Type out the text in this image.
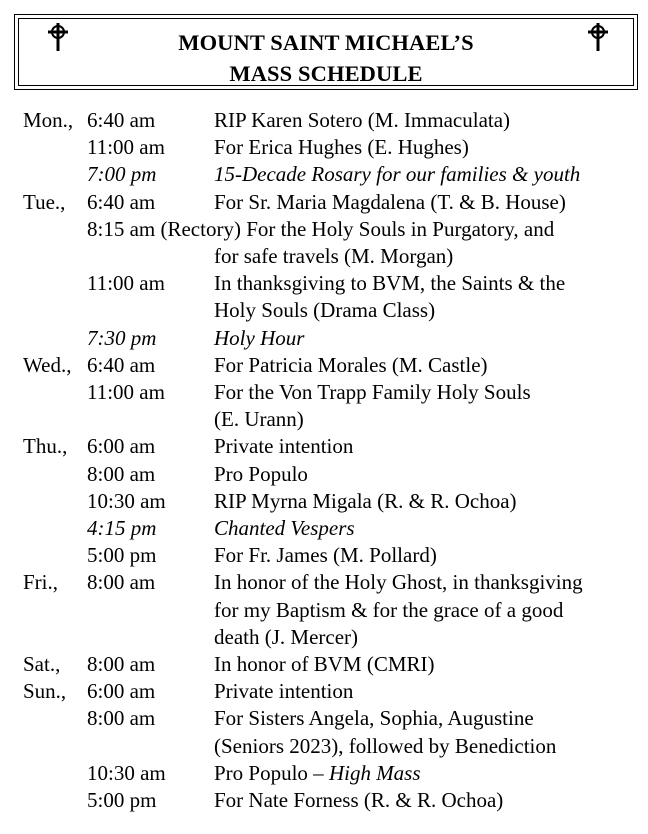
MOUNT SAINT MICHAEL’S
MASS SCHEDULE
Mon., 6:40 am	RIP Karen Sotero (M. Immaculata)
11:00 am For Erica Hughes (E. Hughes)
7:00 pm	15-Decade Rosary for our families & youth
Tue., 6:40 am	For Sr. Maria Magdalena (T. & B. House)
8:15 am (Rectory) For the Holy Souls in Purgatory, and
for safe travels (M. Morgan)
11:00 am In thanksgiving to BVM, the Saints & the
Holy Souls (Drama Class)
7:30 pm	Holy Hour
Wed., 6:40 am	For Patricia Morales (M. Castle)
11:00 am For the Von Trapp Family Holy Souls
(E. Urann)
Thu., 6:00 am	Private intention
8:00 am	Pro Populo
10:30 am RIP Myrna Migala (R. & R. Ochoa)
4:15 pm	Chanted Vespers
5:00 pm	For Fr. James (M. Pollard)
Fri., 8:00 am	In honor of the Holy Ghost, in thanksgiving
for my Baptism & for the grace of a good
death (J. Mercer)
Sat., 8:00 am	In honor of BVM (CMRI)
Sun., 6:00 am	Private intention
8:00 am	For Sisters Angela, Sophia, Augustine
(Seniors 2023), followed by Benediction
10:30 am Pro Populo – High Mass
5:00 pm	For Nate Forness (R. & R. Ochoa)
